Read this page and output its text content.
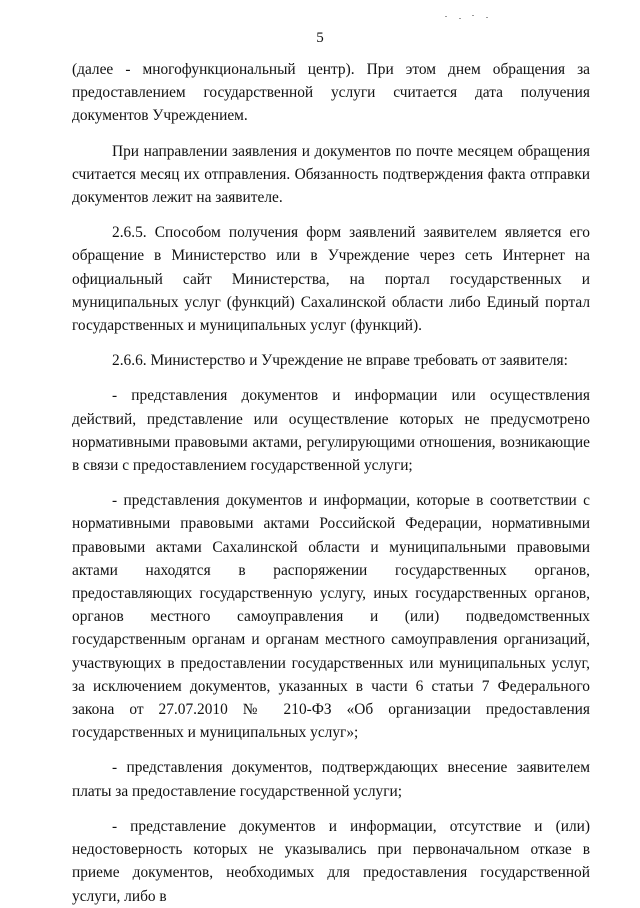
5

(далее - многофункциональный центр). При этом днем обращения за предоставлением государственной услуги считается дата получения документов Учреждением.

При направлении заявления и документов по почте месяцем обращения считается месяц их отправления. Обязанность подтверждения факта отправки документов лежит на заявителе.

2.6.5. Способом получения форм заявлений заявителем является его обращение в Министерство или в Учреждение через сеть Интернет на официальный сайт Министерства, на портал государственных и муниципальных услуг (функций) Сахалинской области либо Единый портал государственных и муниципальных услуг (функций).

2.6.6. Министерство и Учреждение не вправе требовать от заявителя:

- представления документов и информации или осуществления действий, представление или осуществление которых не предусмотрено нормативными правовыми актами, регулирующими отношения, возникающие в связи с предоставлением государственной услуги;

- представления документов и информации, которые в соответствии с нормативными правовыми актами Российской Федерации, нормативными правовыми актами Сахалинской области и муниципальными правовыми актами находятся в распоряжении государственных органов, предоставляющих государственную услугу, иных государственных органов, органов местного самоуправления и (или) подведомственных государственным органам и органам местного самоуправления организаций, участвующих в предоставлении государственных или муниципальных услуг, за исключением документов, указанных в части 6 статьи 7 Федерального закона от 27.07.2010 № 210-ФЗ «Об организации предоставления государственных и муниципальных услуг»;

- представления документов, подтверждающих внесение заявителем платы за предоставление государственной услуги;

- представление документов и информации, отсутствие и (или) недостоверность которых не указывались при первоначальном отказе в приеме документов, необходимых для предоставления государственной услуги, либо в
